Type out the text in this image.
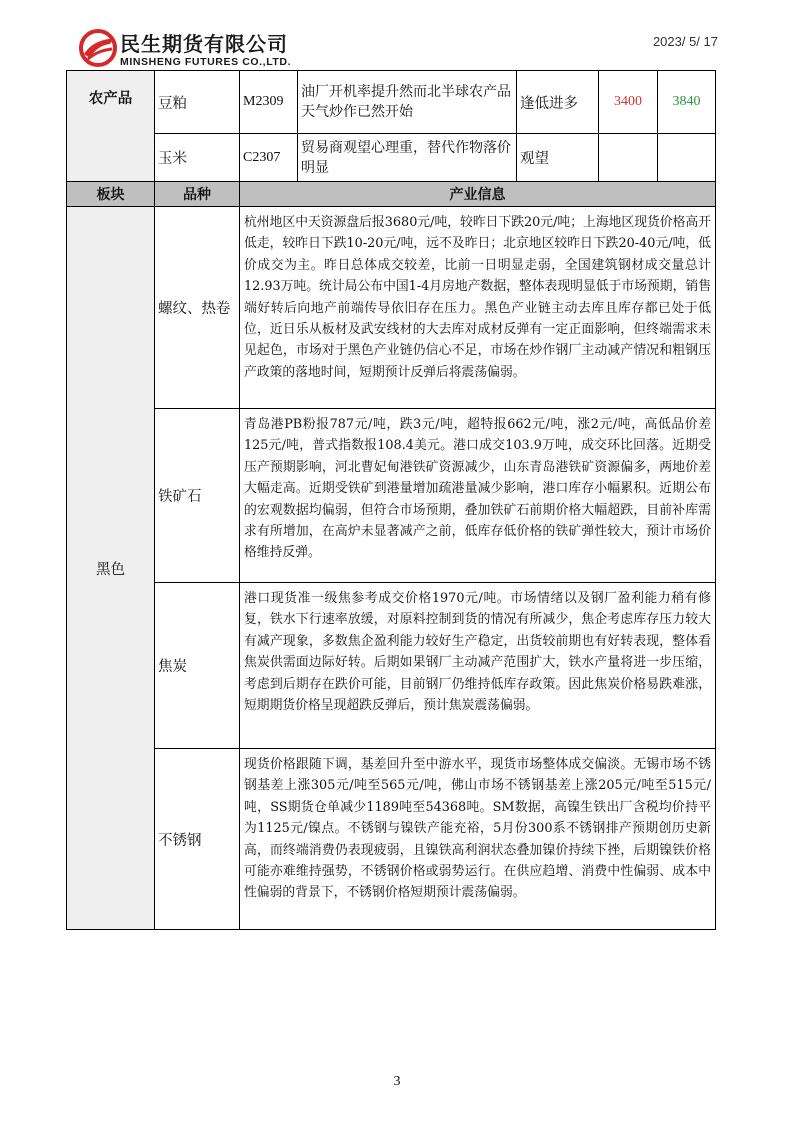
民生期货有限公司
MINSHENG FUTURES CO.,LTD.
2023/ 5/ 17
农产品	豆粕	M2309	油厂开机率提升然而北半球农产品天气炒作已然开始	逢低进多	3400	3840
	玉米	C2307	贸易商观望心理重，替代作物落价明显	观望		
板块	品种	产业信息
黑色	螺纹、热卷	杭州地区中天资源盘后报3680元/吨，较昨日下跌20元/吨；上海地区现货价格高开低走，较昨日下跌10-20元/吨，远不及昨日；北京地区较昨日下跌20-40元/吨，低价成交为主。昨日总体成交较差，比前一日明显走弱，全国建筑钢材成交量总计12.93万吨。统计局公布中国1-4月房地产数据，整体表现明显低于市场预期，销售端好转后向地产前端传导依旧存在压力。黑色产业链主动去库且库存都已处于低位，近日乐从板材及武安线材的大去库对成材反弹有一定正面影响，但终端需求未见起色，市场对于黑色产业链仍信心不足，市场在炒作钢厂主动减产情况和粗钢压产政策的落地时间，短期预计反弹后将震荡偏弱。
	铁矿石	青岛港PB粉报787元/吨，跌3元/吨，超特报662元/吨，涨2元/吨，高低品价差125元/吨，普式指数报108.4美元。港口成交103.9万吨，成交环比回落。近期受压产预期影响，河北曹妃甸港铁矿资源减少，山东青岛港铁矿资源偏多，两地价差大幅走高。近期受铁矿到港量增加疏港量减少影响，港口库存小幅累积。近期公布的宏观数据均偏弱，但符合市场预期，叠加铁矿石前期价格大幅超跌，目前补库需求有所增加，在高炉未显著减产之前，低库存低价格的铁矿弹性较大，预计市场价格维持反弹。
	焦炭	港口现货准一级焦参考成交价格1970元/吨。市场情绪以及钢厂盈利能力稍有修复，铁水下行速率放缓，对原料控制到货的情况有所减少，焦企考虑库存压力较大有减产现象，多数焦企盈利能力较好生产稳定，出货较前期也有好转表现，整体看焦炭供需面边际好转。后期如果钢厂主动减产范围扩大，铁水产量将进一步压缩，考虑到后期存在跌价可能，目前钢厂仍维持低库存政策。因此焦炭价格易跌难涨，短期期货价格呈现超跌反弹后，预计焦炭震荡偏弱。
	不锈钢	现货价格跟随下调，基差回升至中游水平，现货市场整体成交偏淡。无锡市场不锈钢基差上涨305元/吨至565元/吨，佛山市场不锈钢基差上涨205元/吨至515元/吨，SS期货仓单减少1189吨至54368吨。SM数据，高镍生铁出厂含税均价持平为1125元/镍点。不锈钢与镍铁产能充裕，5月份300系不锈钢排产预期创历史新高，而终端消费仍表现疲弱，且镍铁高利润状态叠加镍价持续下挫，后期镍铁价格可能亦难维持强势，不锈钢价格或弱势运行。在供应趋增、消费中性偏弱、成本中性偏弱的背景下，不锈钢价格短期预计震荡偏弱。
3
